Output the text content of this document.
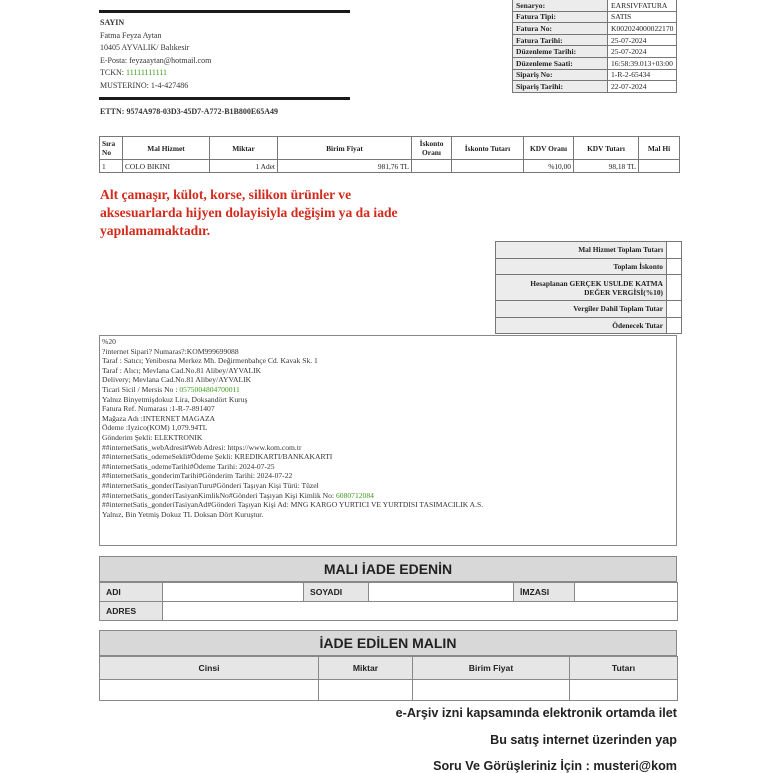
SAYIN
Fatma Feyza Aytan
10405 AYVALIK/ Balıkesir
E-Posta: feyzaaytan@hotmail.com
TCKN: 11111111111
MUSTERINO: 1-4-427486
ETTN: 9574A978-03D3-45D7-A772-B1B800E65A49
Senaryo:	EARSIVFATURA
Fatura Tipi:	SATIS
Fatura No:	K002024000022170
Fatura Tarihi:	25-07-2024
Düzenleme Tarihi:	25-07-2024
Düzenleme Saati:	16:58:39.013+03:00
Sipariş No:	1-R-2-65434
Sipariş Tarihi:	22-07-2024
Sıra No	Mal Hizmet	Miktar	Birim Fiyat	İskonto Oranı	İskonto Tutarı	KDV Oranı	KDV Tutarı	Mal Hi
1	COLO BIKINI	1 Adet	981,76 TL			%10,00	98,18 TL	
Alt çamaşır, külot, korse, silikon ürünler ve
aksesuarlarda hijyen dolayisiyla değişim ya da iade
yapılamamaktadır.
Mal Hizmet Toplam Tutarı	

Toplam İskonto	

Hesaplanan GERÇEK USULDE KATMA
DEĞER VERGİSİ(%10)	

Vergiler Dahil Toplam Tutar	

Ödenecek Tutar	

%20
?internet Sipari? Numaras?:KOM999699088
Taraf : Satıcı; Yenibosna Merkez Mh. Değirmenbahçe Cd. Kavak Sk. 1
Taraf : Alıcı; Mevlana Cad.No.81 Alibey/AYVALIK
Delivery; Mevlana Cad.No.81 Alibey/AYVALIK
Ticari Sicil / Mersis No : 0575004804700011
Yalnız Binyetmişdokuz Lira, Doksandört Kuruş
Fatura Ref. Numarası :1-R-7-891407
Mağaza Adı :INTERNET MAGAZA
Ödeme :Iyzico(KOM) 1,079.94TL
Gönderim Şekli: ELEKTRONIK
##internetSatis_webAdresi#Web Adresi: https://www.kom.com.tr
##internetSatis_odemeSekli#Ödeme Şekli: KREDIKARTI/BANKAKARTI
##internetSatis_odemeTarihi#Ödeme Tarihi: 2024-07-25
##internetSatis_gonderimTarihi#Gönderim Tarihi: 2024-07-22
##internetSatis_gonderiTasiyanTuru#Gönderi Taşıyan Kişi Türü: Tüzel
##internetSatis_gonderiTasiyanKimlikNo#Gönderi Taşıyan Kişi Kimlik No: 6080712084
##internetSatis_gonderiTasiyanAd#Gönderi Taşıyan Kişi Ad: MNG KARGO YURTICI VE YURTDISI TASIMACILIK A.S.
Yalnız, Bin Yetmiş Dokuz TL Doksan Dört Kuruştur.
MALI İADE EDENİN
ADI		SOYADI		İMZASI	
ADRES					
İADE EDİLEN MALIN
Cinsi	Miktar	Birim Fiyat	Tutarı

e-Arşiv izni kapsamında elektronik ortamda ilet
Bu satış internet üzerinden yap
Soru Ve Görüşleriniz İçin : musteri@kom
